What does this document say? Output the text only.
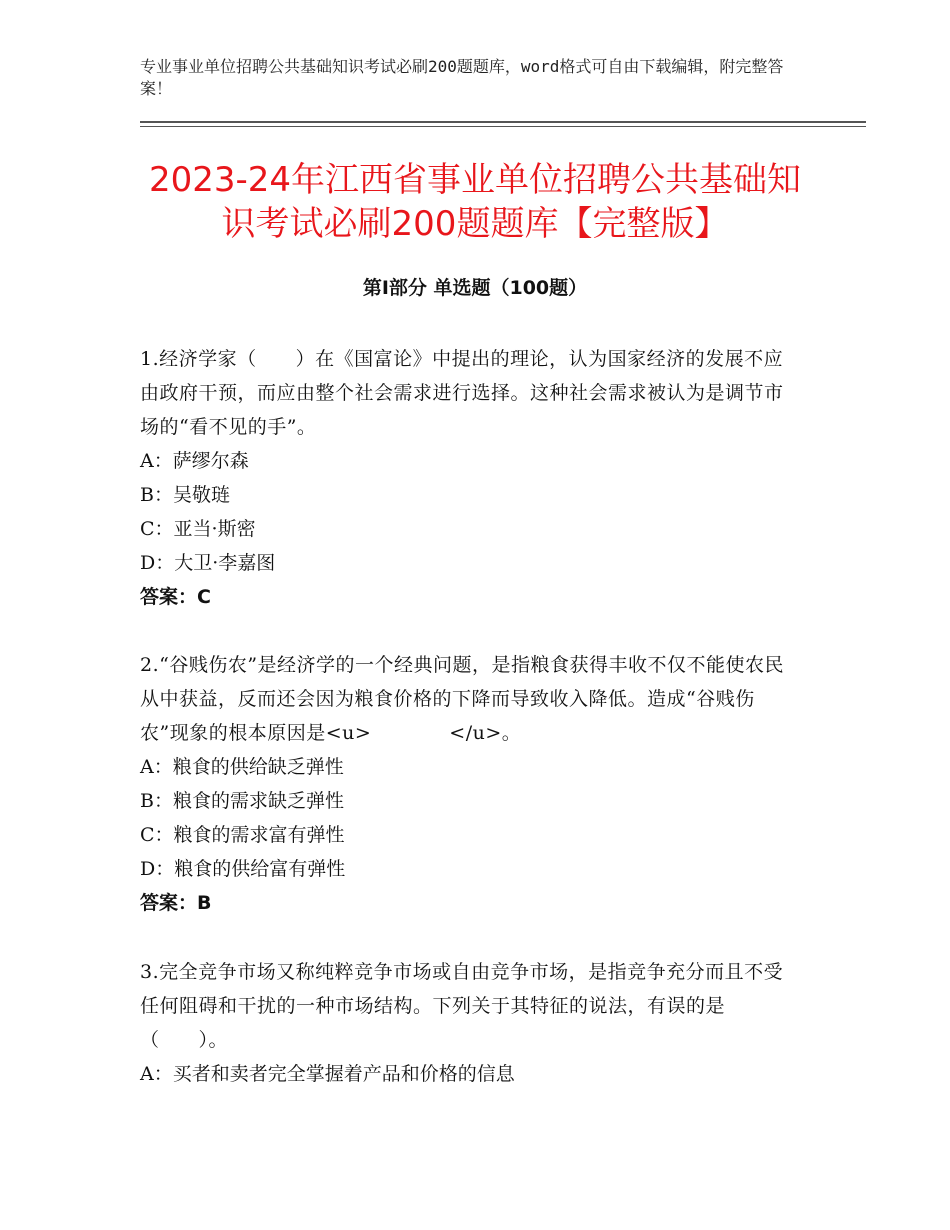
专业事业单位招聘公共基础知识考试必刷200题题库，word格式可自由下载编辑，附完整答案！
2023-24年江西省事业单位招聘公共基础知识考试必刷200题题库【完整版】
第Ⅰ部分 单选题（100题）

1.经济学家（　　）在《国富论》中提出的理论，认为国家经济的发展不应由政府干预，而应由整个社会需求进行选择。这种社会需求被认为是调节市场的“看不见的手”。

A：萨缪尔森

B：吴敬琏

C：亚当·斯密

D：大卫·李嘉图

答案：C

2.“谷贱伤农”是经济学的一个经典问题，是指粮食获得丰收不仅不能使农民从中获益，反而还会因为粮食价格的下降而导致收入降低。造成“谷贱伤农”现象的根本原因是<u>　　　　</u>。

A：粮食的供给缺乏弹性

B：粮食的需求缺乏弹性

C：粮食的需求富有弹性

D：粮食的供给富有弹性

答案：B

3.完全竞争市场又称纯粹竞争市场或自由竞争市场，是指竞争充分而且不受任何阻碍和干扰的一种市场结构。下列关于其特征的说法，有误的是（　　）。

A：买者和卖者完全掌握着产品和价格的信息
